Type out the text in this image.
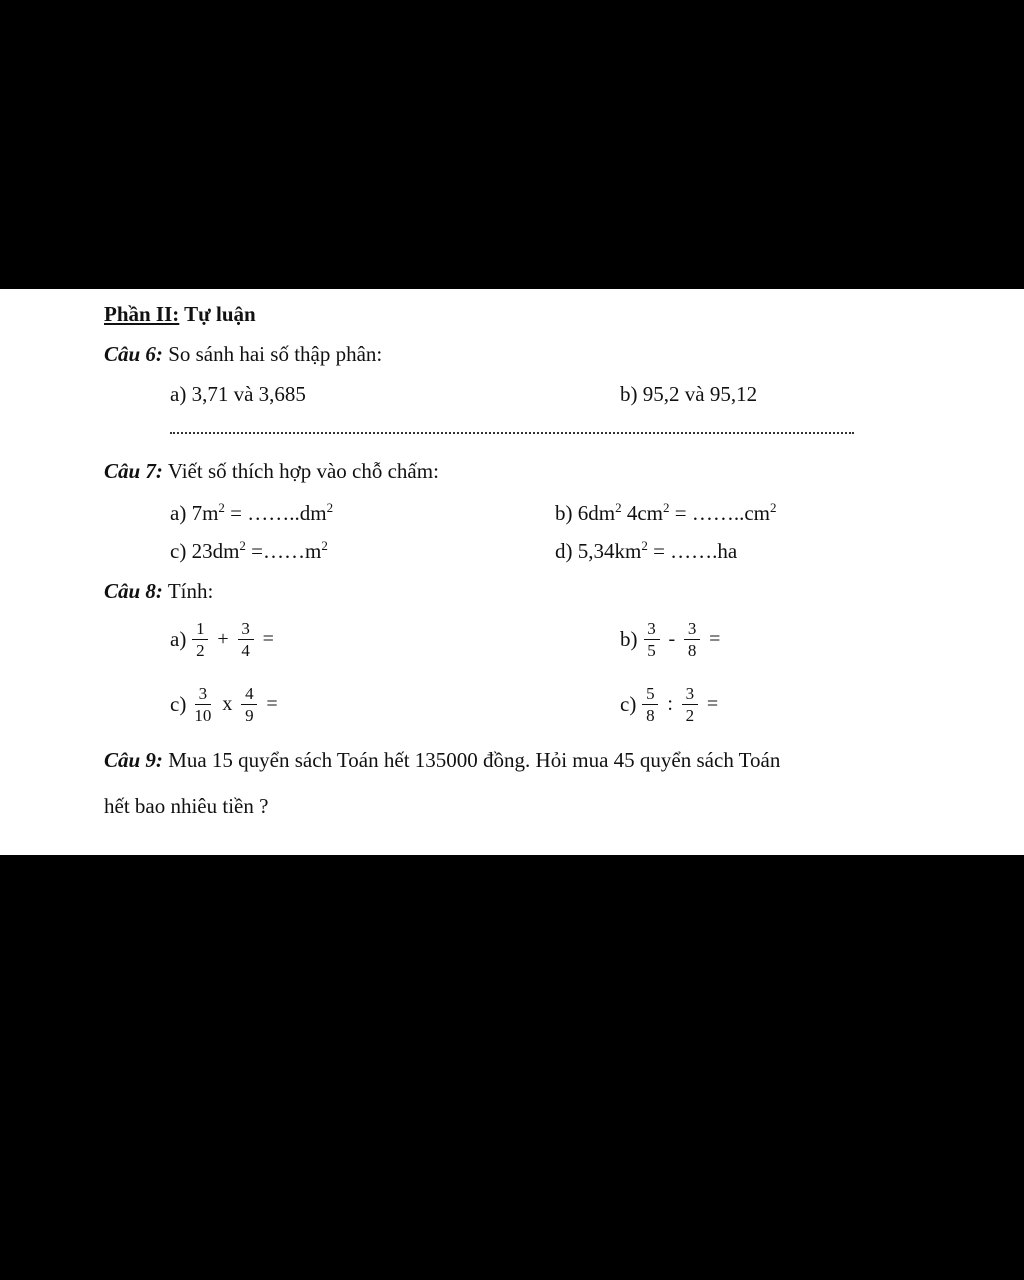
Phần II: Tự luận
Câu 6: So sánh hai số thập phân:
a) 3,71 và 3,685	b) 95,2 và 95,12
Câu 7: Viết số thích hợp vào chỗ chấm:
a) $7m^2$ = $\dots\dots..dm^2$	b) $6dm^2$ $4cm^2$ = $\dots\dots..cm^2$
c) $23dm^2$ $=\dots\dots m^2$	d) $5,34km^2$ = …….ha
Câu 8: Tính:
$a) \frac{1}{2} + \frac{3}{4}$ =	$b) \frac{3}{5} - \frac{3}{8}$ =
$c) \frac{3}{10}$ x $\frac{4}{9}$ =	$c) \frac{5}{8}$ : $\frac{3}{2}$ =
Câu 9: Mua 15 quyển sách Toán hết 135000 đồng. Hỏi mua 45 quyển sách Toán
hết bao nhiêu tiền ?
